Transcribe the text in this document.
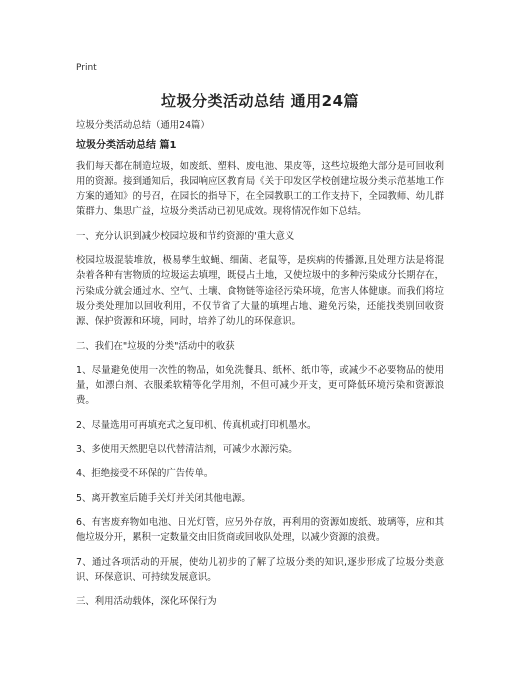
Print
垃圾分类活动总结 通用24篇

垃圾分类活动总结（通用24篇）

垃圾分类活动总结 篇1

我们每天都在制造垃圾，如废纸、塑料、废电池、果皮等，这些垃圾绝大部分是可回收利用的资源。接到通知后，我园响应区教育局《关于印发区学校创建垃圾分类示范基地工作方案的通知》的号召，在园长的指导下，在全园教职工的工作支持下，全园教师、幼儿群策群力、集思广益，垃圾分类活动已初见成效。现将情况作如下总结。

一、充分认识到减少校园垃圾和节约资源的'重大意义

校园垃圾混装堆放，极易孳生蚊蝇、细菌、老鼠等，是疾病的传播源,且处理方法是将混杂着各种有害物质的垃圾运去填埋，既侵占土地，又使垃圾中的多种污染成分长期存在，污染成分就会通过水、空气、土壤、食物链等途径污染环境，危害人体健康。而我们将垃圾分类处理加以回收利用，不仅节省了大量的填埋占地、避免污染，还能找类别回收资源、保护资源和环境，同时，培养了幼儿的环保意识。

二、我们在"垃圾的分类"活动中的收获

1、尽量避免使用一次性的物品，如免洗餐具、纸杯、纸巾等，或减少不必要物品的使用量，如漂白剂、衣服柔软精等化学用剂，不但可减少开支，更可降低环境污染和资源浪费。

2、尽量选用可再填充式之复印机、传真机或打印机墨水。

3、多使用天然肥皂以代替清洁剂，可减少水源污染。

4、拒绝接受不环保的广告传单。

5、离开教室后随手关灯并关闭其他电源。

6、有害废弃物如电池、日光灯管，应另外存放，再利用的资源如废纸、玻璃等，应和其他垃圾分开，累积一定数量交由旧货商或回收队处理，以减少资源的浪费。

7、通过各项活动的开展，使幼儿初步的了解了垃圾分类的知识,逐步形成了垃圾分类意识、环保意识、可持续发展意识。

三、利用活动载体，深化环保行为
